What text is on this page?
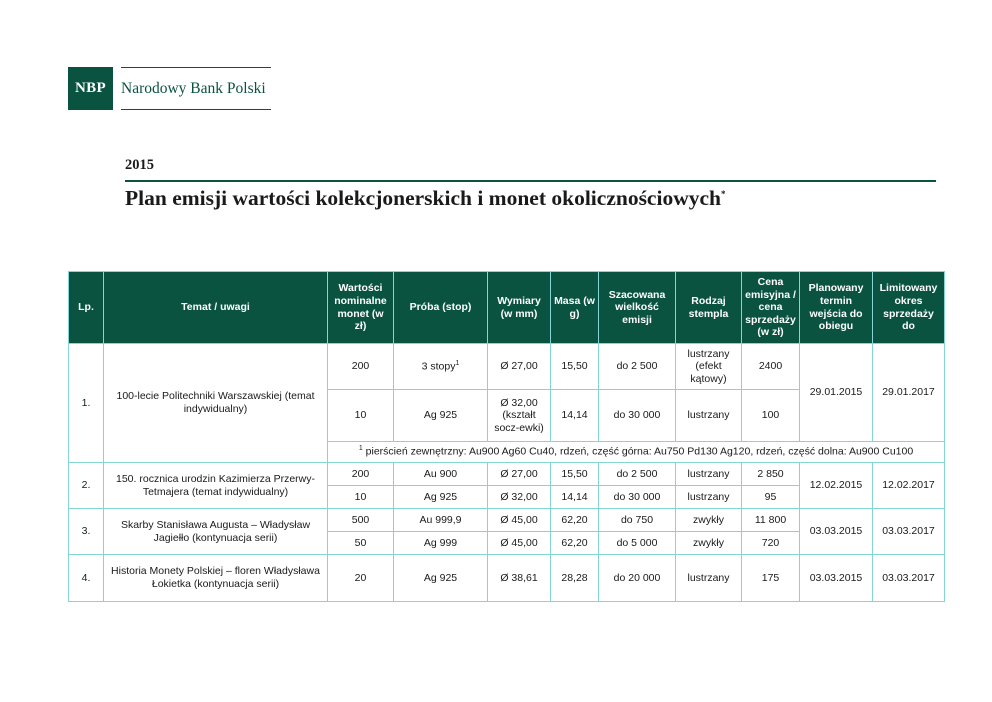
NBP Narodowy Bank Polski
2015
Plan emisji wartości kolekcjonerskich i monet okolicznościowych*
Lp.	Temat / uwagi	Wartości nominalne monet (w zł)	Próba (stop)	Wymiary (w mm)	Masa (w g)	Szacowana wielkość emisji	Rodzaj stempla	Cena emisyjna / cena sprzedaży (w zł)	Planowany termin wejścia do obiegu	Limitowany okres sprzedaży do
1.	100-lecie Politechniki Warszawskiej (temat indywidualny)	200	3 stopy$^1$	Ø 27,00	15,50	do 2 500	lustrzany (efekt kątowy)	2400	29.01.2015	29.01.2017
		10	Ag 925	Ø 32,00 (kształt socz-ewki)	14,14	do 30 000	lustrzany	100		
		$^1$ pierścień zewnętrzny: Au900 Ag60 Cu40, rdzeń, część górna: Au750 Pd130 Ag120, rdzeń, część dolna: Au900 Cu100								
2.	150. rocznica urodzin Kazimierza Przerwy-Tetmajera (temat indywidualny)	200	Au 900	Ø 27,00	15,50	do 2 500	lustrzany	2 850	12.02.2015	12.02.2017
		10	Ag 925	Ø 32,00	14,14	do 30 000	lustrzany	95		
3.	Skarby Stanisława Augusta – Władysław Jagiełło (kontynuacja serii)	500	Au 999,9	Ø 45,00	62,20	do 750	zwykły	11 800	03.03.2015	03.03.2017
		50	Ag 999	Ø 45,00	62,20	do 5 000	zwykły	720		
4.	Historia Monety Polskiej – floren Władysława Łokietka (kontynuacja serii)	20	Ag 925	Ø 38,61	28,28	do 20 000	lustrzany	175	03.03.2015	03.03.2017
